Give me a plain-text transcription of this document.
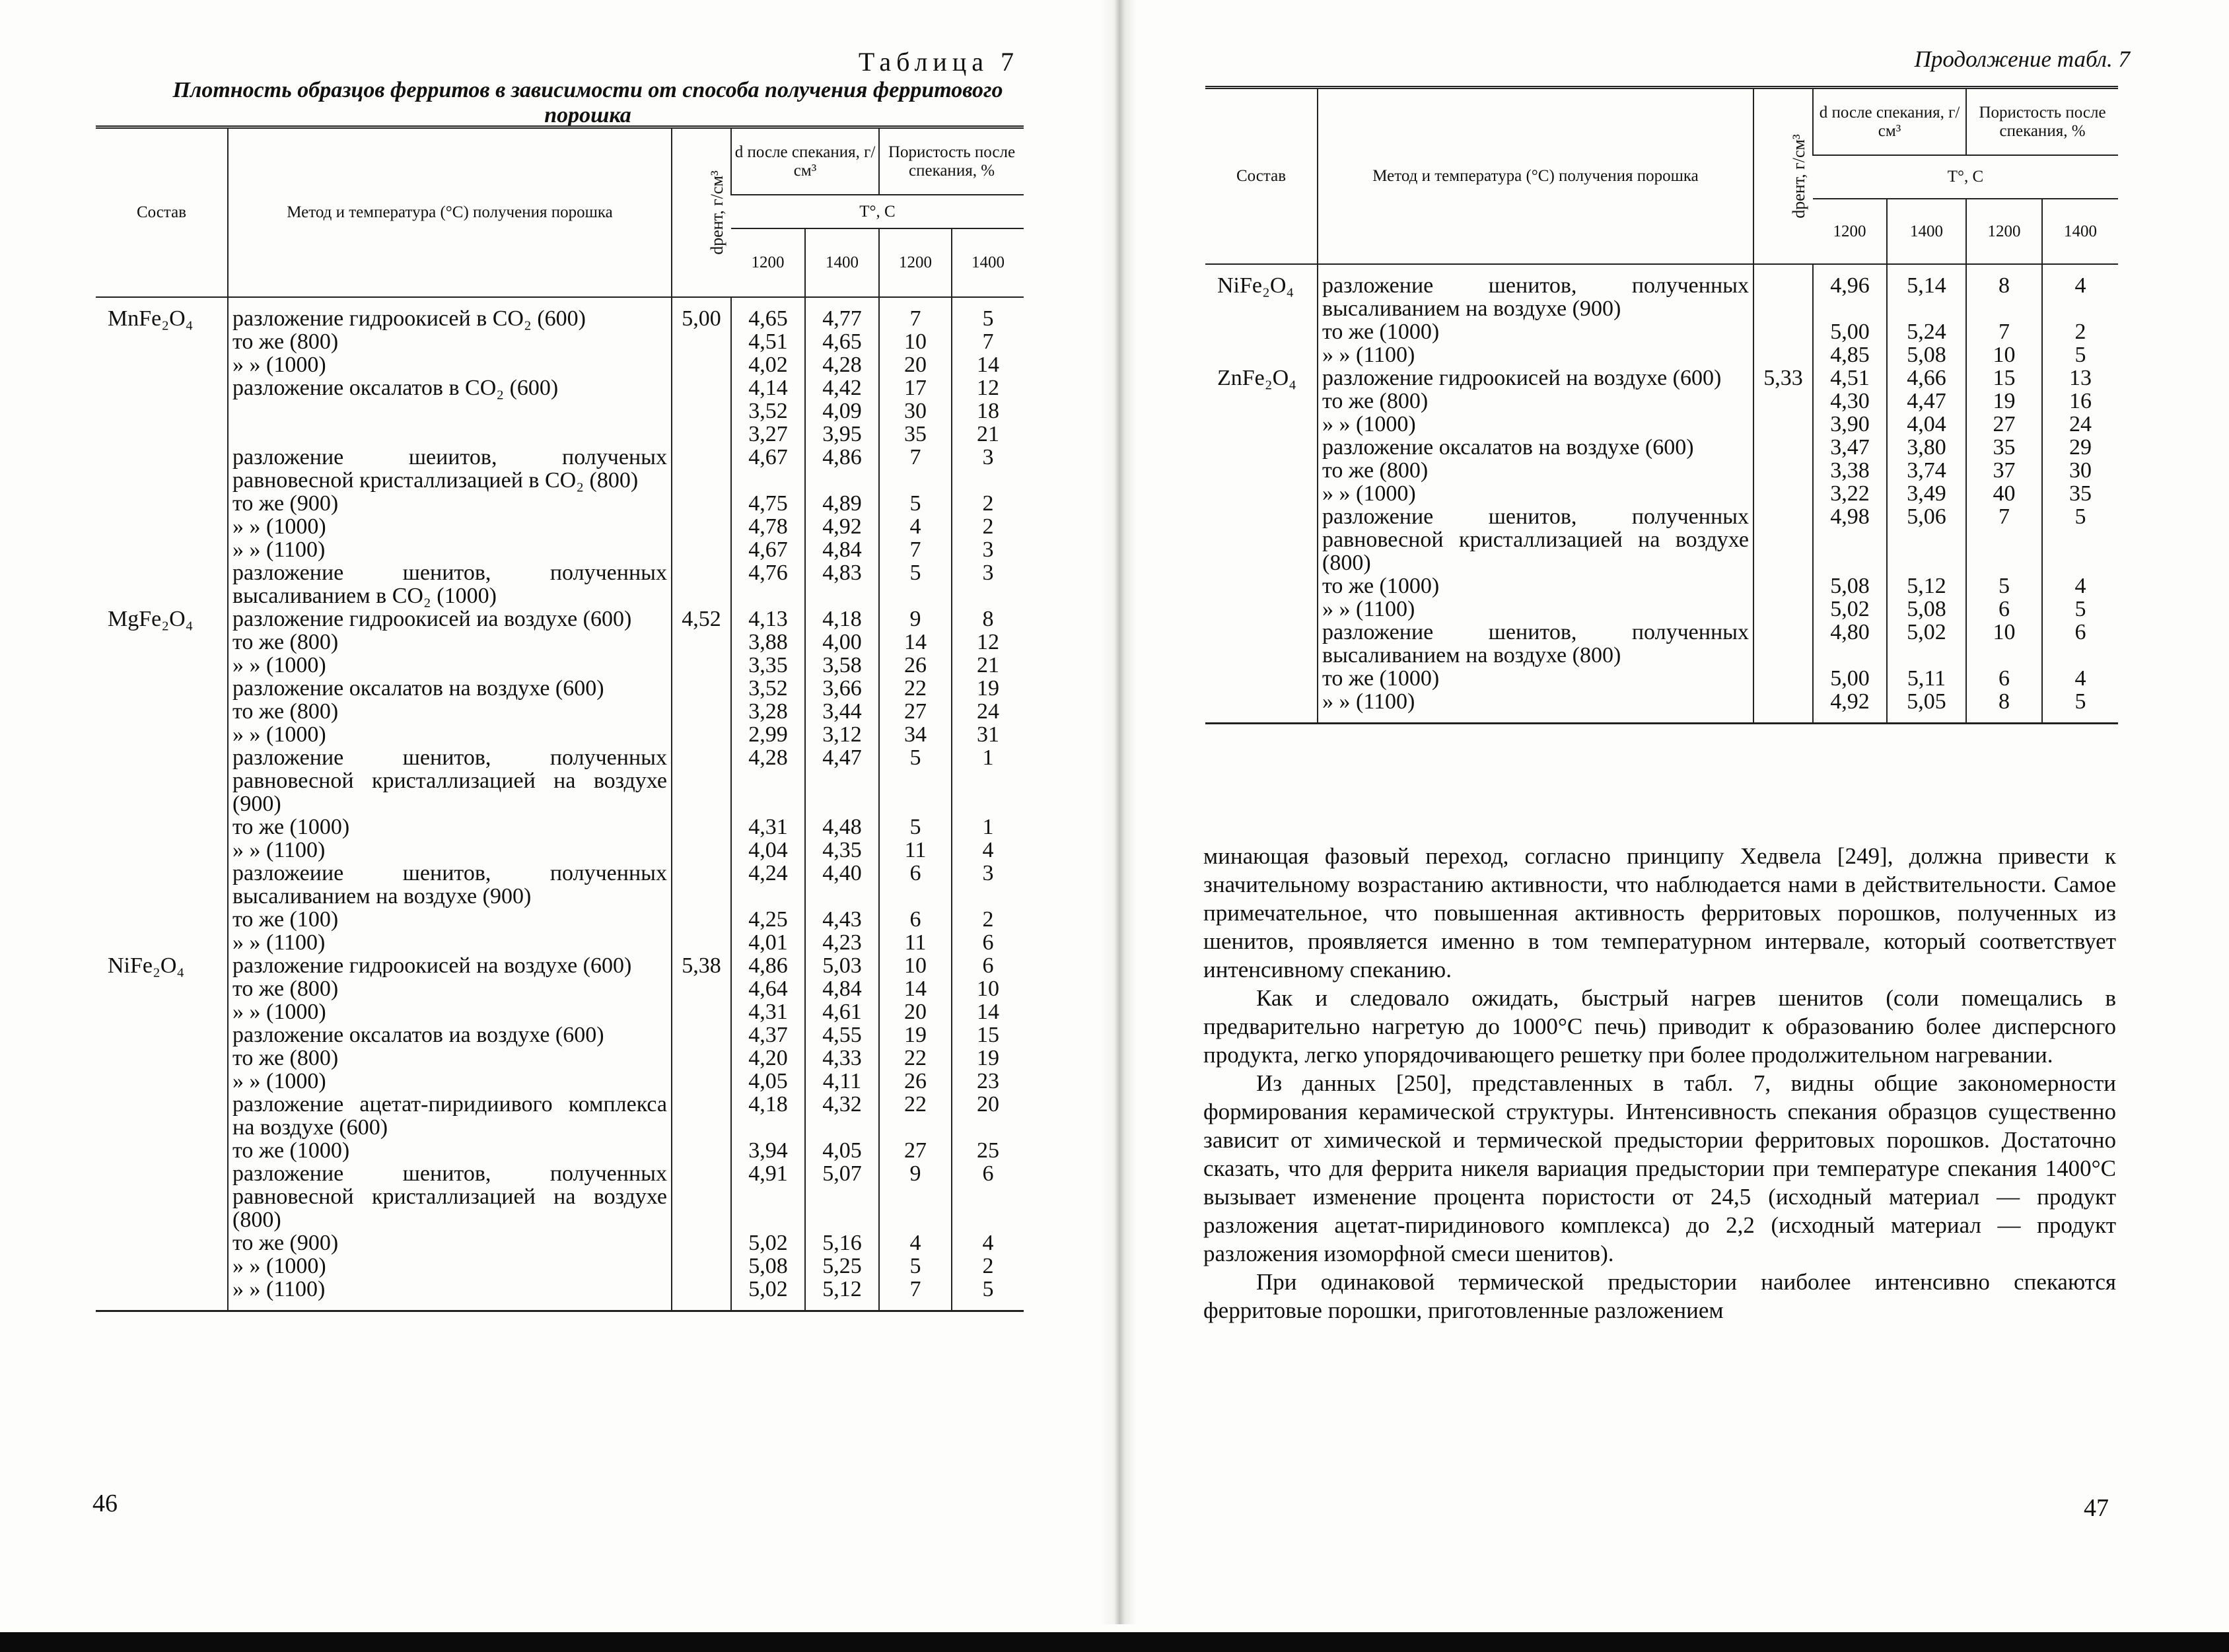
Таблица 7
Плотность образцов ферритов в зависимости от способа получения ферритового порошка
Состав	Метод и температура (°С) получения порошка	dрент, г/см³	d после спекания, г/см³		Пористость после спекания, %	
			T°, C			
			1200	1400	1200	1400
MnFe₂O₄	разложение гидроокисей в CO₂ (600)	5,00	4,65	4,77	7	5
	то же (800)		4,51	4,65	10	7
	» » (1000)		4,02	4,28	20	14
	разложение оксалатов в CO₂ (600)		4,14	4,42	17	12
			3,52	4,09	30	18
			3,27	3,95	35	21
	разложение шеиитов, полученых равновесной кристаллизацией в CO₂ (800)		4,67	4,86	7	3
	то же (900)		4,75	4,89	5	2
	» » (1000)		4,78	4,92	4	2
	» » (1100)		4,67	4,84	7	3
	разложение шенитов, полученных высаливанием в CO₂ (1000)		4,76	4,83	5	3
MgFe₂O₄	разложение гидроокисей иа воздухе (600)	4,52	4,13	4,18	9	8
	то же (800)		3,88	4,00	14	12
	» » (1000)		3,35	3,58	26	21
	разложение оксалатов на воздухе (600)		3,52	3,66	22	19
	то же (800)		3,28	3,44	27	24
	» » (1000)		2,99	3,12	34	31
	разложение шенитов, полученных равновесной кристаллизацией на воздухе (900)		4,28	4,47	5	1
	то же (1000)		4,31	4,48	5	1
	» » (1100)		4,04	4,35	11	4
	разложеиие шенитов, полученных высаливанием на воздухе (900)		4,24	4,40	6	3
	то же (100)		4,25	4,43	6	2
	» » (1100)		4,01	4,23	11	6
NiFe₂O₄	разложение гидроокисей на воздухе (600)	5,38	4,86	5,03	10	6
	то же (800)		4,64	4,84	14	10
	» » (1000)		4,31	4,61	20	14
	разложение оксалатов иа воздухе (600)		4,37	4,55	19	15
	то же (800)		4,20	4,33	22	19
	» » (1000)		4,05	4,11	26	23
	разложение ацетат-пиридиивого комплекса на воздухе (600)		4,18	4,32	22	20
	то же (1000)		3,94	4,05	27	25
	разложение шенитов, полученных равновесной кристаллизацией на воздухе (800)		4,91	5,07	9	6
	то же (900)		5,02	5,16	4	4
	» » (1000)		5,08	5,25	5	2
	» » (1100)		5,02	5,12	7	5
46
Продолжение табл. 7
Состав	Метод и температура (°С) получения порошка	dрент, г/см³	d после спекания, г/см³		Пористость после спекания, %	
			T°, C			
			1200	1400	1200	1400
NiFe₂O₄	разложение шенитов, полученных высаливанием на воздухе (900)		4,96	5,14	8	4
	то же (1000)		5,00	5,24	7	2
	» » (1100)		4,85	5,08	10	5
ZnFe₂O₄	разложение гидроокисей на воздухе (600)	5,33	4,51	4,66	15	13
	то же (800)		4,30	4,47	19	16
	» » (1000)		3,90	4,04	27	24
	разложение оксалатов на воздухе (600)		3,47	3,80	35	29
	то же (800)		3,38	3,74	37	30
	» » (1000)		3,22	3,49	40	35
	разложение шенитов, полученных равновесной кристаллизацией на воздухе (800)		4,98	5,06	7	5
	то же (1000)		5,08	5,12	5	4
	» » (1100)		5,02	5,08	6	5
	разложение шенитов, полученных высаливанием на воздухе (800)		4,80	5,02	10	6
	то же (1000)		5,00	5,11	6	4
	» » (1100)		4,92	5,05	8	5

минающая фазовый переход, согласно принципу Хедвела [249], должна привести к значительному возрастанию активности, что наблюдается нами в действительности. Самое примечательное, что повышенная активность ферритовых порошков, полученных из шенитов, проявляется именно в том температурном интервале, который соответствует интенсивному спеканию.

Как и следовало ожидать, быстрый нагрев шенитов (соли помещались в предварительно нагретую до 1000°С печь) приводит к образованию более дисперсного продукта, легко упорядочивающего решетку при более продолжительном нагревании.

Из данных [250], представленных в табл. 7, видны общие закономерности формирования керамической структуры. Интенсивность спекания образцов существенно зависит от химической и термической предыстории ферритовых порошков. Достаточно сказать, что для феррита никеля вариация предыстории при температуре спекания 1400°С вызывает изменение процента пористости от 24,5 (исходный материал — продукт разложения ацетат-пиридинового комплекса) до 2,2 (исходный материал — продукт разложения изоморфной смеси шенитов).

При одинаковой термической предыстории наиболее интенсивно спекаются ферритовые порошки, приготовленные разложением

47
